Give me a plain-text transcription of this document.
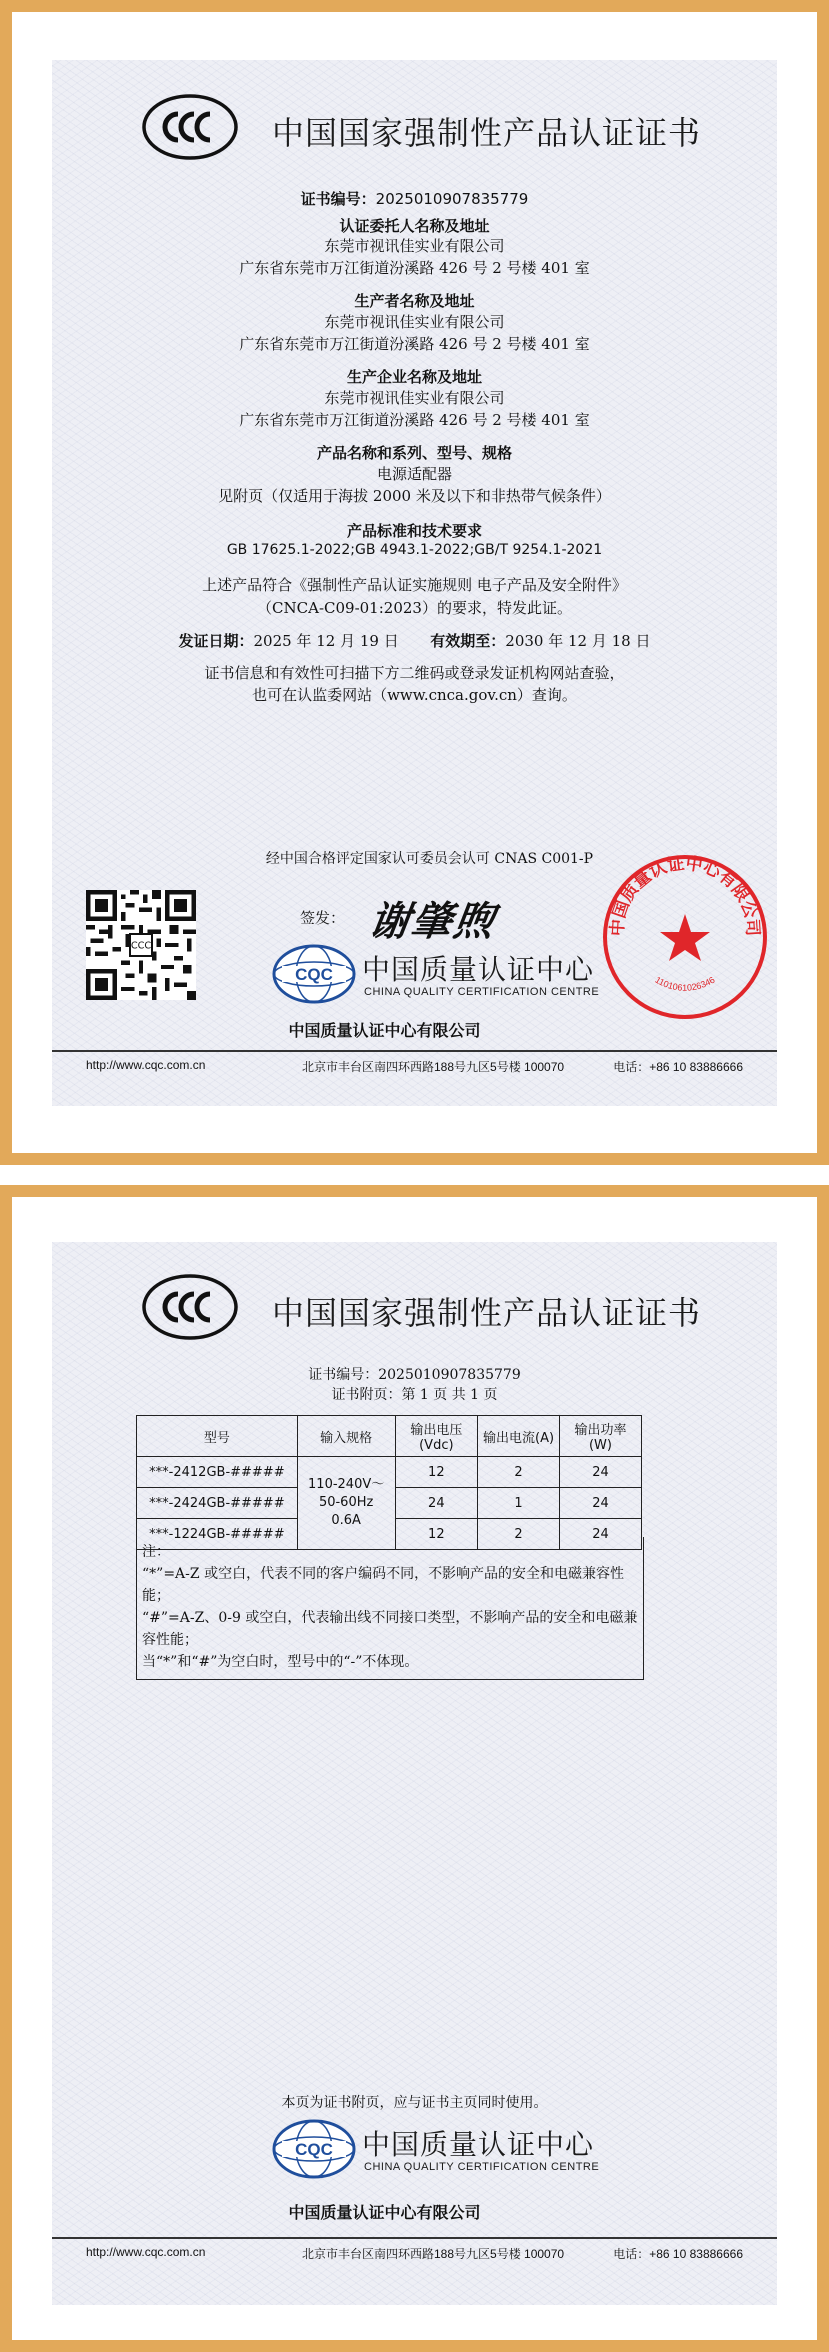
中国国家强制性产品认证证书
证书编号：2025010907835779
认证委托人名称及地址
东莞市视讯佳实业有限公司
广东省东莞市万江街道汾溪路 426 号 2 号楼 401 室
生产者名称及地址
东莞市视讯佳实业有限公司
广东省东莞市万江街道汾溪路 426 号 2 号楼 401 室
生产企业名称及地址
东莞市视讯佳实业有限公司
广东省东莞市万江街道汾溪路 426 号 2 号楼 401 室
产品名称和系列、型号、规格
电源适配器
见附页（仅适用于海拔 2000 米及以下和非热带气候条件）
产品标准和技术要求
GB 17625.1-2022;GB 4943.1-2022;GB/T 9254.1-2021
上述产品符合《强制性产品认证实施规则 电子产品及安全附件》
（CNCA-C09-01:2023）的要求，特发此证。
发证日期：2025 年 12 月 19 日 有效期至：2030 年 12 月 18 日
证书信息和有效性可扫描下方二维码或登录发证机构网站查验，
也可在认监委网站（www.cnca.gov.cn）查询。
经中国合格评定国家认可委员会认可 CNAS C001-P
CCC
签发： 谢肇煦
CQC 中国质量认证中心
CHINA QUALITY CERTIFICATION CENTRE
中国质量认证中心有限公司
中国质量认证中心有限公司
1101061026346
http://www.cqc.com.cn	北京市丰台区南四环西路188号九区5号楼 100070	电话：+86 10 83886666
中国国家强制性产品认证证书
证书编号：2025010907835779
证书附页：第 1 页 共 1 页
型号	输入规格	输出电压(Vdc)	输出电流(A)	输出功率(W)
***-2412GB-#####	110-240V～
50-60Hz
0.6A	12	2	24
***-2424GB-#####		24	1	24
***-1224GB-#####		12	2	24
注：
“*”=A-Z 或空白，代表不同的客户编码不同，不影响产品的安全和电磁兼容性能；
“#”=A-Z、0-9 或空白，代表输出线不同接口类型，不影响产品的安全和电磁兼容性能；
当“*”和“#”为空白时，型号中的“-”不体现。
本页为证书附页，应与证书主页同时使用。
CQC 中国质量认证中心
CHINA QUALITY CERTIFICATION CENTRE
中国质量认证中心有限公司
http://www.cqc.com.cn	北京市丰台区南四环西路188号九区5号楼 100070	电话：+86 10 83886666
